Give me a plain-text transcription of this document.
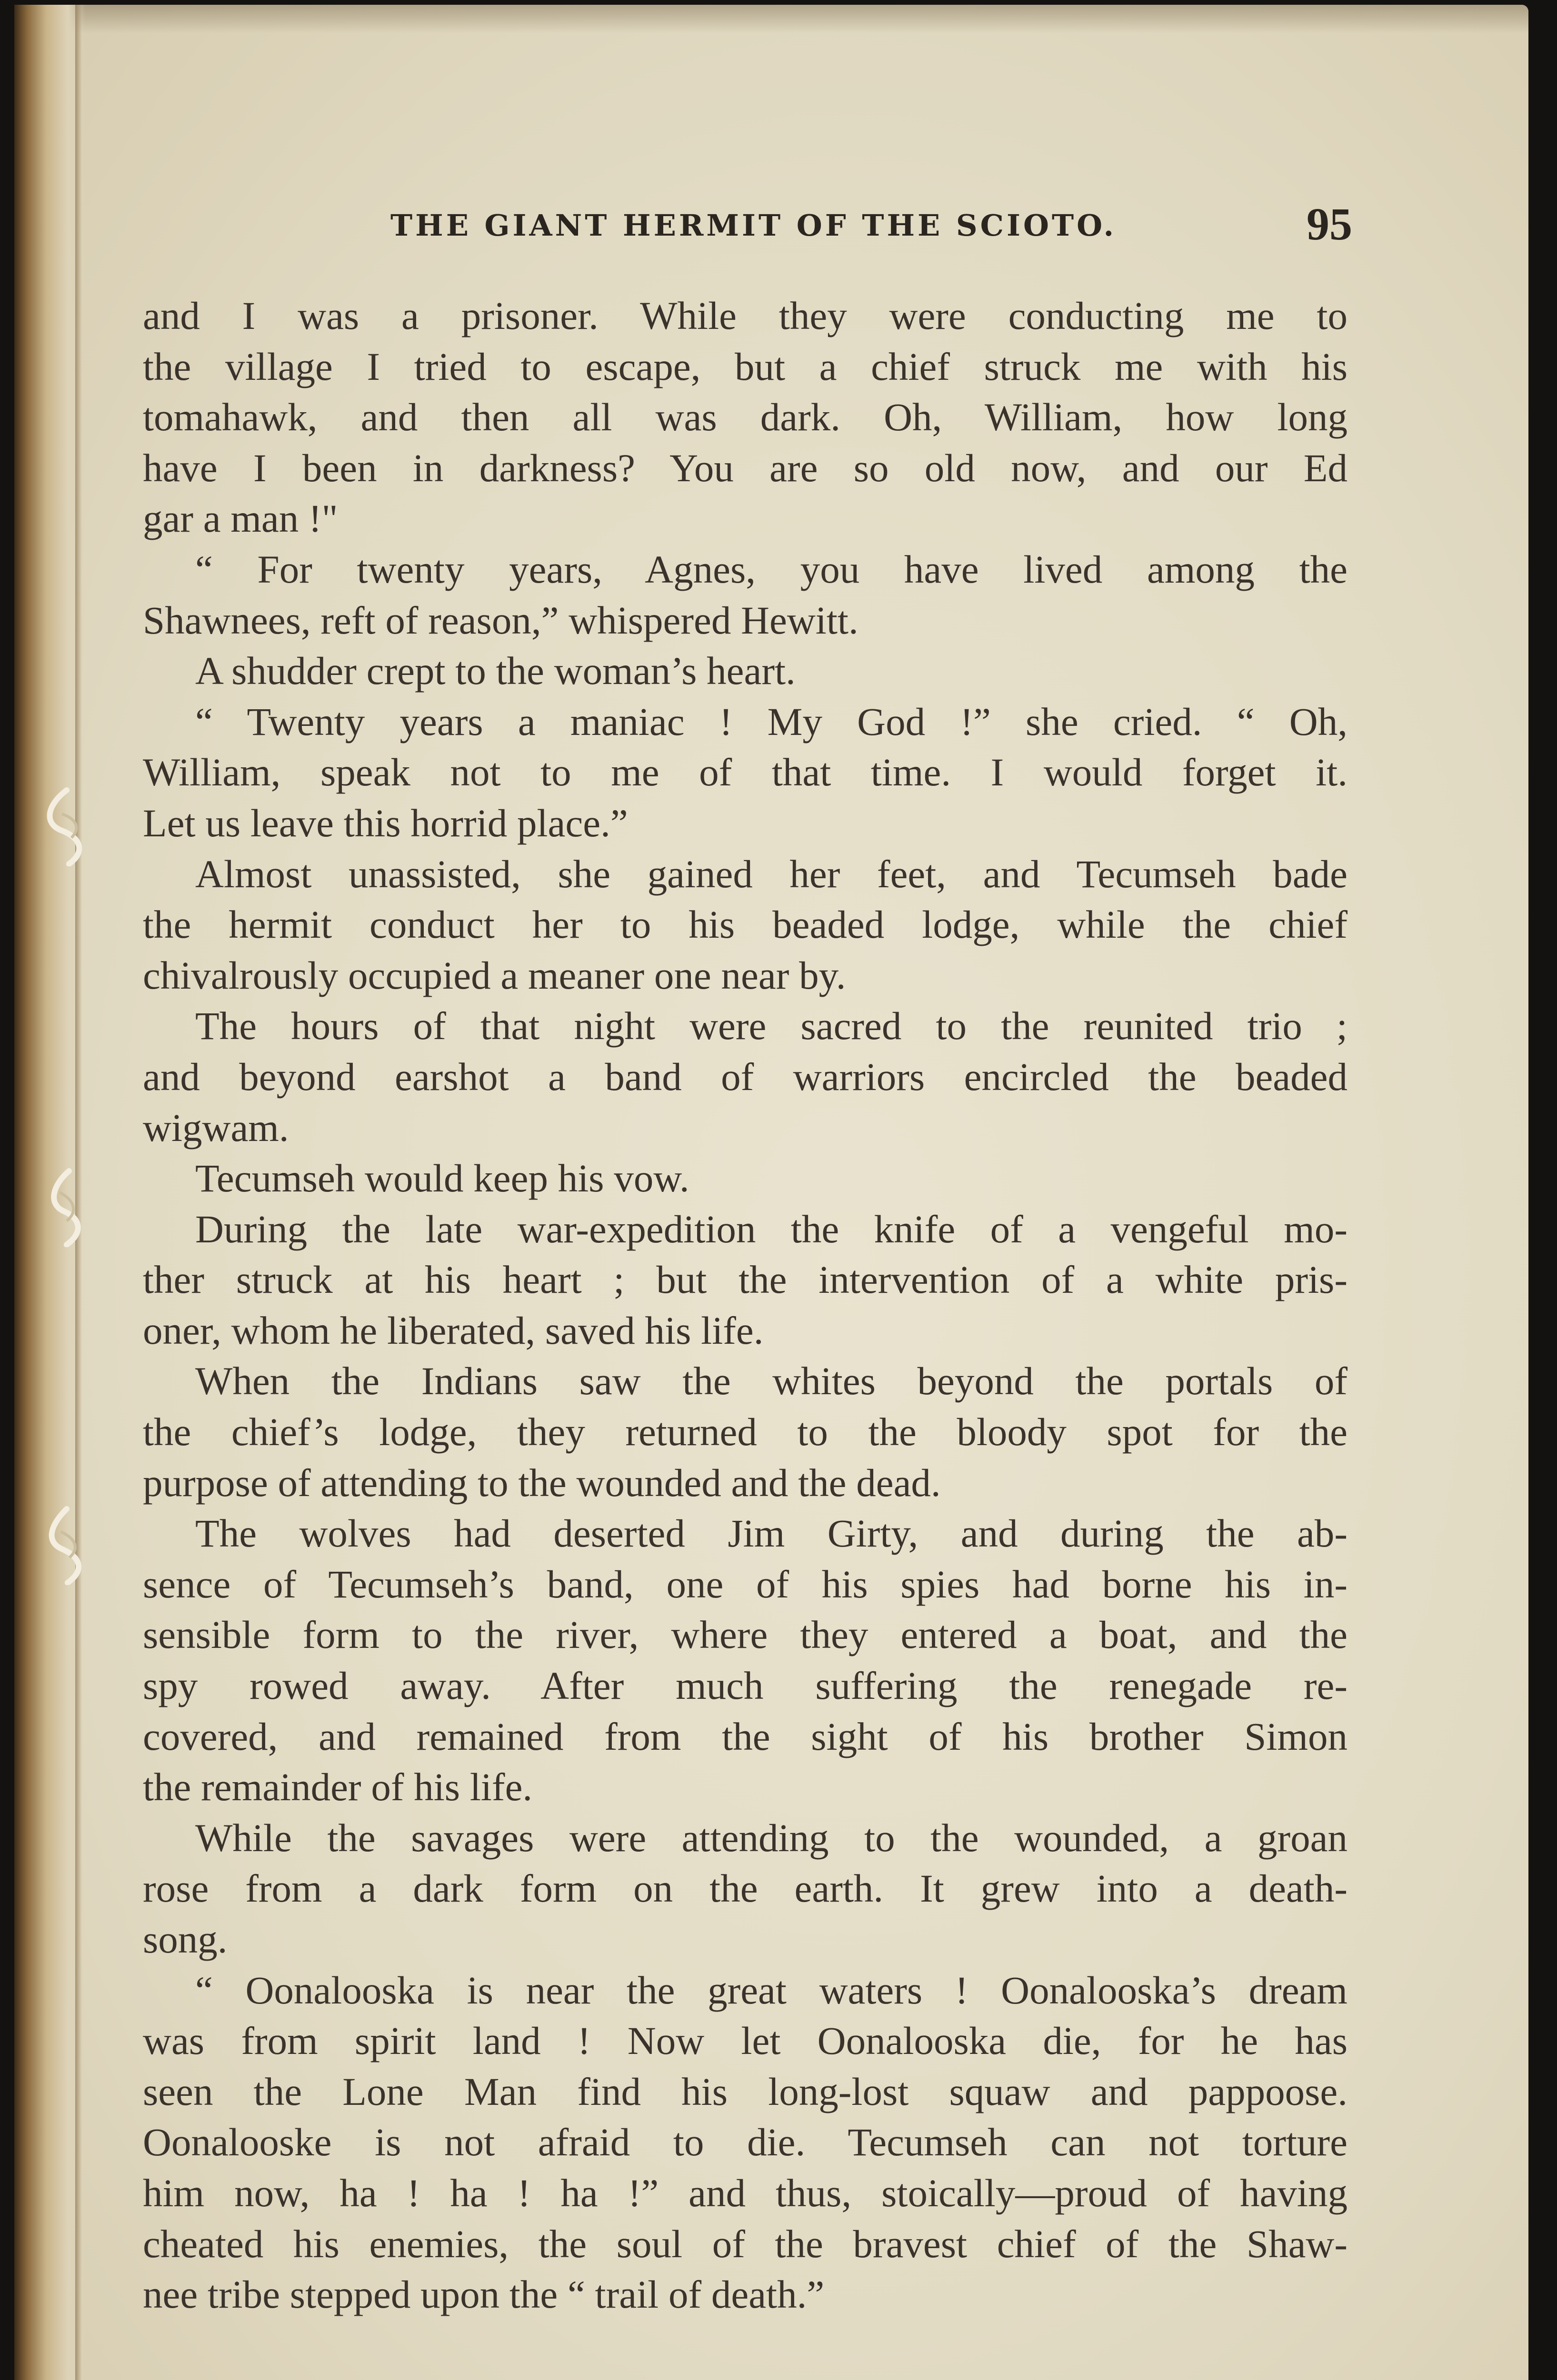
THE GIANT HERMIT OF THE SCIOTO.	95
and I was a prisoner. While they were conducting me to
the village I tried to escape, but a chief struck me with his
tomahawk, and then all was dark. Oh, William, how long
have I been in darkness? You are so old now, and our Ed
gar a man !"
“ For twenty years, Agnes, you have lived among the
Shawnees, reft of reason,” whispered Hewitt.
A shudder crept to the woman’s heart.
“ Twenty years a maniac ! My God !” she cried. “ Oh,
William, speak not to me of that time. I would forget it.
Let us leave this horrid place.”
Almost unassisted, she gained her feet, and Tecumseh bade
the hermit conduct her to his beaded lodge, while the chief
chivalrously occupied a meaner one near by.
The hours of that night were sacred to the reunited trio ;
and beyond earshot a band of warriors encircled the beaded
wigwam.
Tecumseh would keep his vow.
During the late war-expedition the knife of a vengeful mo-
ther struck at his heart ; but the intervention of a white pris-
oner, whom he liberated, saved his life.
When the Indians saw the whites beyond the portals of
the chief’s lodge, they returned to the bloody spot for the
purpose of attending to the wounded and the dead.
The wolves had deserted Jim Girty, and during the ab-
sence of Tecumseh’s band, one of his spies had borne his in-
sensible form to the river, where they entered a boat, and the
spy rowed away. After much suffering the renegade re-
covered, and remained from the sight of his brother Simon
the remainder of his life.
While the savages were attending to the wounded, a groan
rose from a dark form on the earth. It grew into a death-
song.
“ Oonalooska is near the great waters ! Oonalooska’s dream
was from spirit land ! Now let Oonalooska die, for he has
seen the Lone Man find his long-lost squaw and pappoose.
Oonalooske is not afraid to die. Tecumseh can not torture
him now, ha ! ha ! ha !” and thus, stoically—proud of having
cheated his enemies, the soul of the bravest chief of the Shaw-
nee tribe stepped upon the “ trail of death.”
